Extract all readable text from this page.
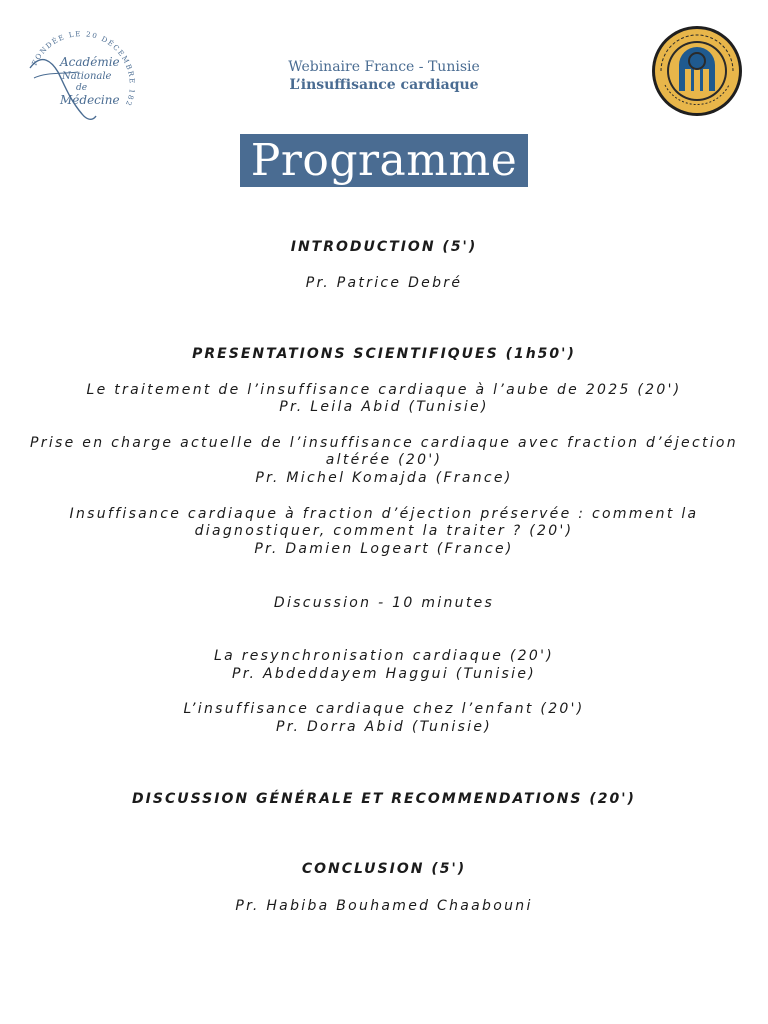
FONDÉE LE 20 DÉCEMBRE 182
Académie
Nationale
de
Médecine
Webinaire France - Tunisie
L’insuffisance cardiaque
Programme
INTRODUCTION (5')
Pr. Patrice Debré
PRESENTATIONS SCIENTIFIQUES (1h50')
Le traitement de l’insuffisance cardiaque à l’aube de 2025 (20')
Pr. Leila Abid (Tunisie)
Prise en charge actuelle de l’insuffisance cardiaque avec fraction d’éjection
altérée (20')
Pr. Michel Komajda (France)
Insuffisance cardiaque à fraction d’éjection préservée : comment la
diagnostiquer, comment la traiter ? (20')
Pr. Damien Logeart (France)
Discussion - 10 minutes
La resynchronisation cardiaque (20')
Pr. Abdeddayem Haggui (Tunisie)
L’insuffisance cardiaque chez l’enfant (20')
Pr. Dorra Abid (Tunisie)
DISCUSSION GÉNÉRALE ET RECOMMENDATIONS (20')
CONCLUSION (5')
Pr. Habiba Bouhamed Chaabouni
